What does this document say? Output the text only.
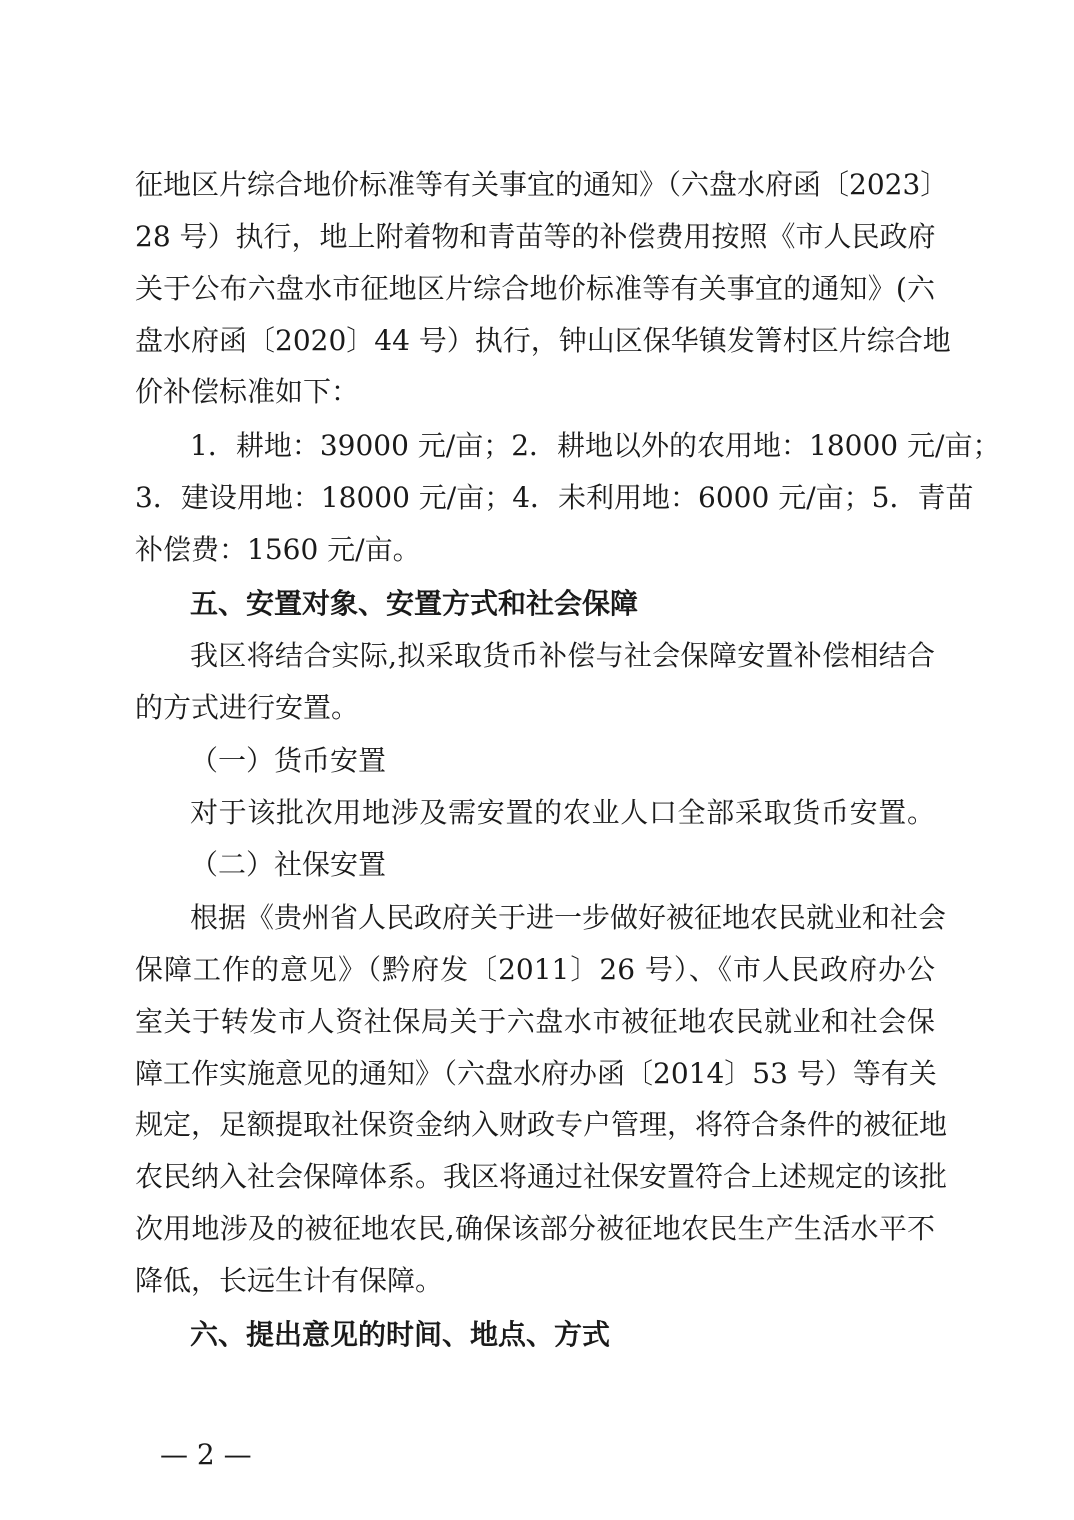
征地区片综合地价标准等有关事宜的通知》（六盘水府函〔2023〕
28 号）执行，地上附着物和青苗等的补偿费用按照《市人民政府
关于公布六盘水市征地区片综合地价标准等有关事宜的通知》(六
盘水府函〔2020〕44 号）执行，钟山区保华镇发箐村区片综合地
价补偿标准如下：
1．耕地：39000 元/亩；2．耕地以外的农用地：18000 元/亩；
3．建设用地：18000 元/亩；4．未利用地：6000 元/亩；5．青苗
补偿费：1560 元/亩。
五、安置对象、安置方式和社会保障
我区将结合实际,拟采取货币补偿与社会保障安置补偿相结合
的方式进行安置。
（一）货币安置
对于该批次用地涉及需安置的农业人口全部采取货币安置。
（二）社保安置
根据《贵州省人民政府关于进一步做好被征地农民就业和社会
保障工作的意见》（黔府发〔2011〕26 号）、《市人民政府办公
室关于转发市人资社保局关于六盘水市被征地农民就业和社会保
障工作实施意见的通知》（六盘水府办函〔2014〕53 号）等有关
规定，足额提取社保资金纳入财政专户管理，将符合条件的被征地
农民纳入社会保障体系。我区将通过社保安置符合上述规定的该批
次用地涉及的被征地农民,确保该部分被征地农民生产生活水平不
降低，长远生计有保障。
六、提出意见的时间、地点、方式
— 2 —
